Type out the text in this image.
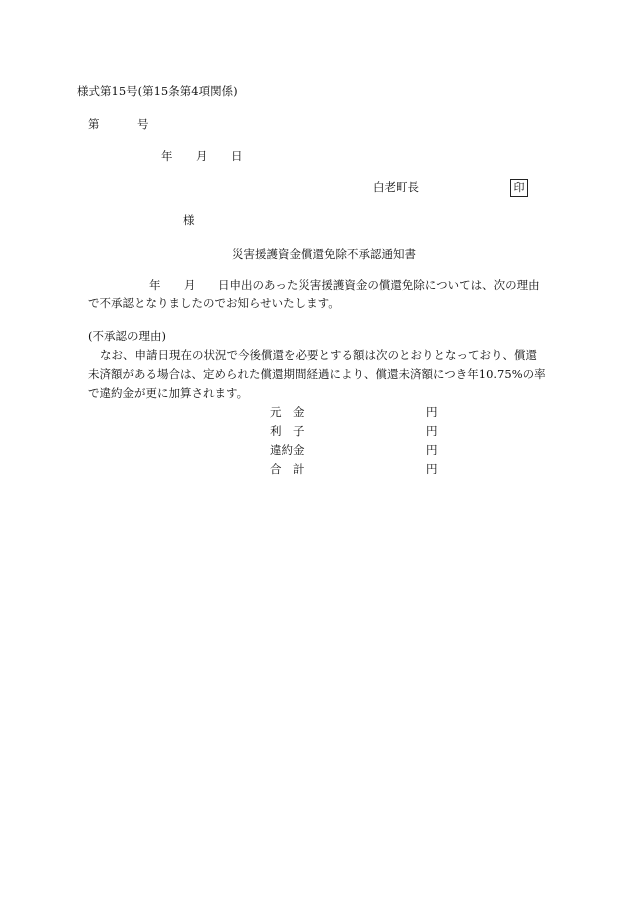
様式第15号(第15条第4項関係)
第	号
年 月 日
白老町長	印
様
災害援護資金償還免除不承認通知書
年 月 日申出のあった災害援護資金の償還免除については、次の理由
で不承認となりましたのでお知らせいたします。
(不承認の理由)
なお、申請日現在の状況で今後償還を必要とする額は次のとおりとなっており、償還
未済額がある場合は、定められた償還期間経過により、償還未済額につき年10.75%の率
で違約金が更に加算されます。
元　金	円
利　子	円
違約金	円
合　計	円
